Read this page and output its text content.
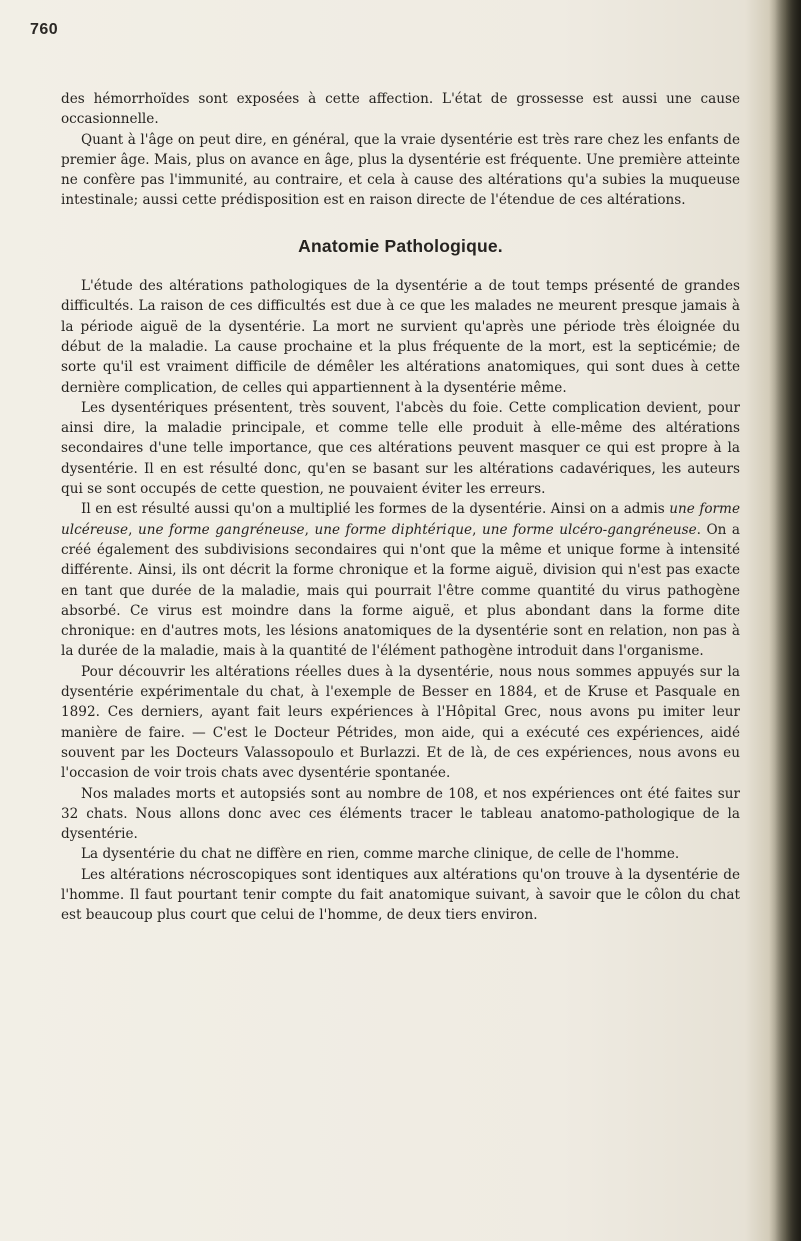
760

des hémorrhoïdes sont exposées à cette affection. L'état de grossesse est aussi une cause occasionnelle.

Quant à l'âge on peut dire, en général, que la vraie dysentérie est très rare chez les enfants de premier âge. Mais, plus on avance en âge, plus la dysentérie est fréquente. Une première atteinte ne confère pas l'immunité, au contraire, et cela à cause des altérations qu'a subies la muqueuse intestinale; aussi cette prédisposition est en raison directe de l'étendue de ces altérations.

Anatomie Pathologique.

L'étude des altérations pathologiques de la dysentérie a de tout temps présenté de grandes difficultés. La raison de ces difficultés est due à ce que les malades ne meurent presque jamais à la période aiguë de la dysentérie. La mort ne survient qu'après une période très éloignée du début de la maladie. La cause prochaine et la plus fréquente de la mort, est la septicémie; de sorte qu'il est vraiment difficile de démêler les altérations anatomiques, qui sont dues à cette dernière complication, de celles qui appartiennent à la dysentérie même.

Les dysentériques présentent, très souvent, l'abcès du foie. Cette complication devient, pour ainsi dire, la maladie principale, et comme telle elle produit à elle-même des altérations secondaires d'une telle importance, que ces altérations peuvent masquer ce qui est propre à la dysentérie. Il en est résulté donc, qu'en se basant sur les altérations cadavériques, les auteurs qui se sont occupés de cette question, ne pouvaient éviter les erreurs.

Il en est résulté aussi qu'on a multiplié les formes de la dysentérie. Ainsi on a admis une forme ulcéreuse, une forme gangréneuse, une forme diphtérique, une forme ulcéro-gangréneuse. On a créé également des subdivisions secondaires qui n'ont que la même et unique forme à intensité différente. Ainsi, ils ont décrit la forme chronique et la forme aiguë, division qui n'est pas exacte en tant que durée de la maladie, mais qui pourrait l'être comme quantité du virus pathogène absorbé. Ce virus est moindre dans la forme aiguë, et plus abondant dans la forme dite chronique: en d'autres mots, les lésions anatomiques de la dysentérie sont en relation, non pas à la durée de la maladie, mais à la quantité de l'élément pathogène introduit dans l'organisme.

Pour découvrir les altérations réelles dues à la dysentérie, nous nous sommes appuyés sur la dysentérie expérimentale du chat, à l'exemple de Besser en 1884, et de Kruse et Pasquale en 1892. Ces derniers, ayant fait leurs expériences à l'Hôpital Grec, nous avons pu imiter leur manière de faire. — C'est le Docteur Pétrides, mon aide, qui a exécuté ces expériences, aidé souvent par les Docteurs Valassopoulo et Burlazzi. Et de là, de ces expériences, nous avons eu l'occasion de voir trois chats avec dysentérie spontanée.

Nos malades morts et autopsiés sont au nombre de 108, et nos expériences ont été faites sur 32 chats. Nous allons donc avec ces éléments tracer le tableau anatomo-pathologique de la dysentérie.

La dysentérie du chat ne diffère en rien, comme marche clinique, de celle de l'homme.

Les altérations nécroscopiques sont identiques aux altérations qu'on trouve à la dysentérie de l'homme. Il faut pourtant tenir compte du fait anatomique suivant, à savoir que le côlon du chat est beaucoup plus court que celui de l'homme, de deux tiers environ.
